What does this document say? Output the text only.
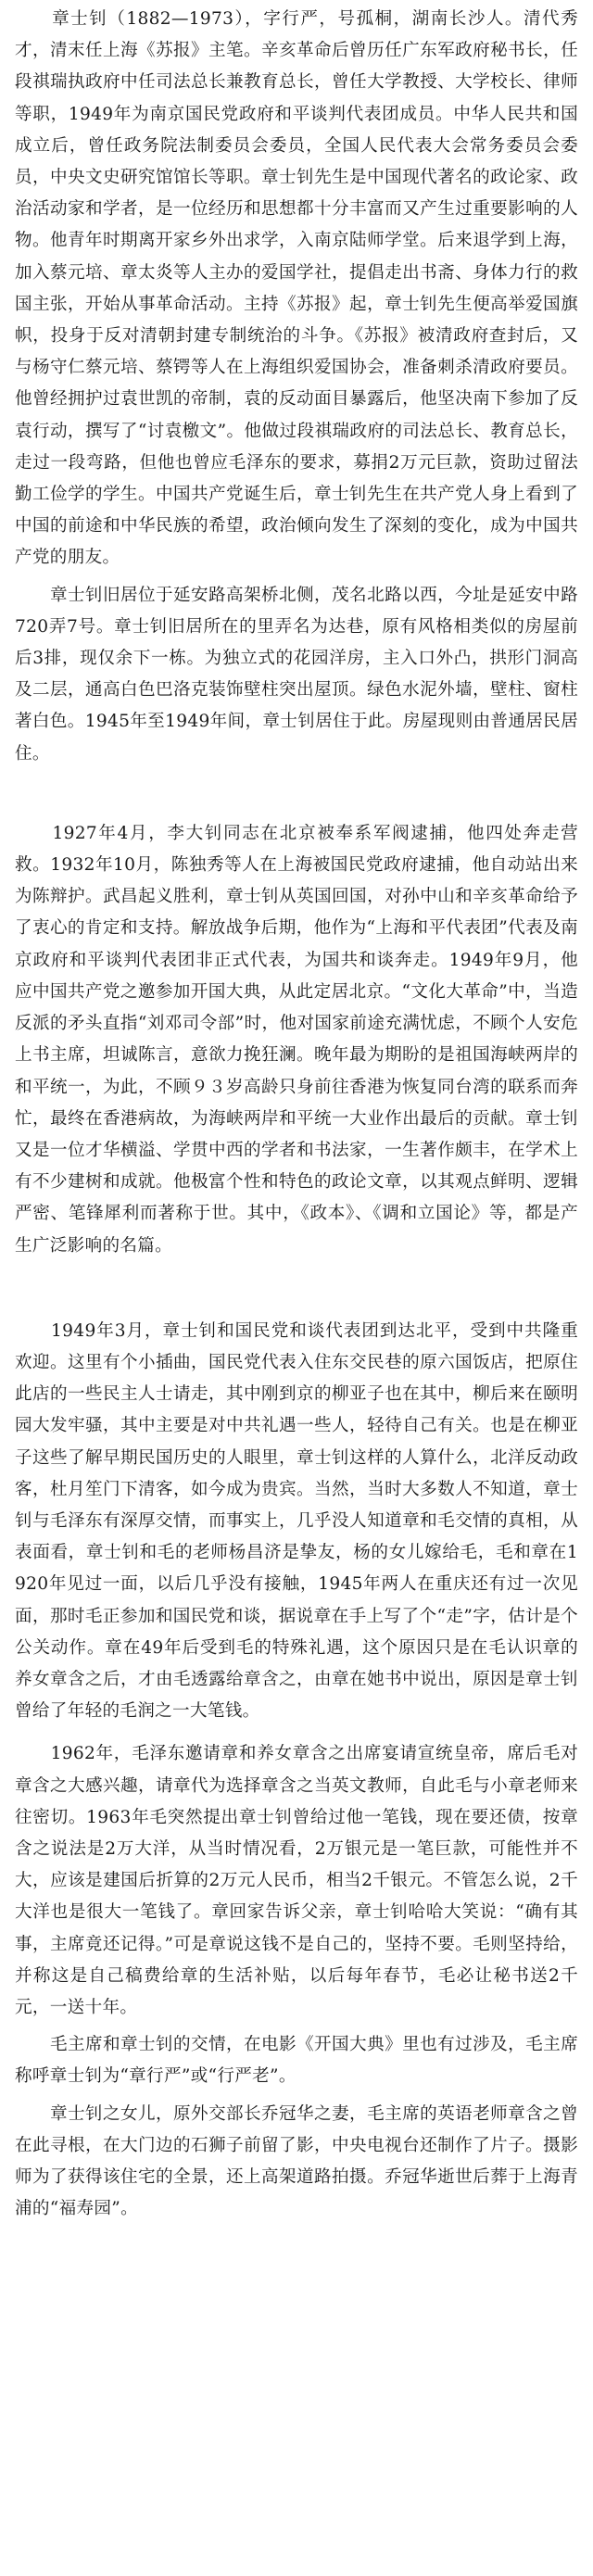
　　章士钊（1882—1973），字行严，号孤桐，湖南长沙人。清代秀才，清末任上海《苏报》主笔。辛亥革命后曾历任广东军政府秘书长，任段祺瑞执政府中任司法总长兼教育总长，曾任大学教授、大学校长、律师等职，1949年为南京国民党政府和平谈判代表团成员。中华人民共和国成立后，曾任政务院法制委员会委员，全国人民代表大会常务委员会委员，中央文史研究馆馆长等职。章士钊先生是中国现代著名的政论家、政治活动家和学者，是一位经历和思想都十分丰富而又产生过重要影响的人物。他青年时期离开家乡外出求学，入南京陆师学堂。后来退学到上海，加入蔡元培、章太炎等人主办的爱国学社，提倡走出书斋、身体力行的救国主张，开始从事革命活动。主持《苏报》起，章士钊先生便高举爱国旗帜，投身于反对清朝封建专制统治的斗争。《苏报》被清政府查封后，又与杨守仁蔡元培、蔡锷等人在上海组织爱国协会，准备刺杀清政府要员。他曾经拥护过袁世凯的帝制，袁的反动面目暴露后，他坚决南下参加了反袁行动，撰写了“讨袁檄文”。他做过段祺瑞政府的司法总长、教育总长，走过一段弯路，但他也曾应毛泽东的要求，募捐2万元巨款，资助过留法勤工俭学的学生。中国共产党诞生后，章士钊先生在共产党人身上看到了中国的前途和中华民族的希望，政治倾向发生了深刻的变化，成为中国共产党的朋友。

　　章士钊旧居位于延安路高架桥北侧，茂名北路以西，今址是延安中路720弄7号。章士钊旧居所在的里弄名为达巷，原有风格相类似的房屋前后3排，现仅余下一栋。为独立式的花园洋房，主入口外凸，拱形门洞高及二层，通高白色巴洛克装饰壁柱突出屋顶。绿色水泥外墙，壁柱、窗柱著白色。1945年至1949年间，章士钊居住于此。房屋现则由普通居民居住。

　　1927年4月，李大钊同志在北京被奉系军阀逮捕，他四处奔走营救。1932年10月，陈独秀等人在上海被国民党政府逮捕，他自动站出来为陈辩护。武昌起义胜利，章士钊从英国回国，对孙中山和辛亥革命给予了衷心的肯定和支持。解放战争后期，他作为“上海和平代表团”代表及南京政府和平谈判代表团非正式代表，为国共和谈奔走。1949年9月，他应中国共产党之邀参加开国大典，从此定居北京。“文化大革命”中，当造反派的矛头直指“刘邓司令部”时，他对国家前途充满忧虑，不顾个人安危上书主席，坦诚陈言，意欲力挽狂澜。晚年最为期盼的是祖国海峡两岸的和平统一，为此，不顾９３岁高龄只身前往香港为恢复同台湾的联系而奔忙，最终在香港病故，为海峡两岸和平统一大业作出最后的贡献。章士钊又是一位才华横溢、学贯中西的学者和书法家，一生著作颇丰，在学术上有不少建树和成就。他极富个性和特色的政论文章，以其观点鲜明、逻辑严密、笔锋犀利而著称于世。其中，《政本》、《调和立国论》等，都是产生广泛影响的名篇。

　　1949年3月，章士钊和国民党和谈代表团到达北平，受到中共隆重欢迎。这里有个小插曲，国民党代表入住东交民巷的原六国饭店，把原住此店的一些民主人士请走，其中刚到京的柳亚子也在其中，柳后来在颐明园大发牢骚，其中主要是对中共礼遇一些人，轻待自己有关。也是在柳亚子这些了解早期民国历史的人眼里，章士钊这样的人算什么，北洋反动政客，杜月笙门下清客，如今成为贵宾。当然，当时大多数人不知道，章士钊与毛泽东有深厚交情，而事实上，几乎没人知道章和毛交情的真相，从表面看，章士钊和毛的老师杨昌济是挚友，杨的女儿嫁给毛，毛和章在1920年见过一面，以后几乎没有接触，1945年两人在重庆还有过一次见面，那时毛正参加和国民党和谈，据说章在手上写了个“走”字，估计是个公关动作。章在49年后受到毛的特殊礼遇，这个原因只是在毛认识章的养女章含之后，才由毛透露给章含之，由章在她书中说出，原因是章士钊曾给了年轻的毛润之一大笔钱。

　　1962年，毛泽东邀请章和养女章含之出席宴请宣统皇帝，席后毛对章含之大感兴趣，请章代为选择章含之当英文教师，自此毛与小章老师来往密切。1963年毛突然提出章士钊曾给过他一笔钱，现在要还债，按章含之说法是2万大洋，从当时情况看，2万银元是一笔巨款，可能性并不大，应该是建国后折算的2万元人民币，相当2千银元。不管怎么说，2千大洋也是很大一笔钱了。章回家告诉父亲，章士钊哈哈大笑说：“确有其事，主席竟还记得。”可是章说这钱不是自己的，坚持不要。毛则坚持给，并称这是自己稿费给章的生活补贴，以后每年春节，毛必让秘书送2千元，一送十年。

　　毛主席和章士钊的交情，在电影《开国大典》里也有过涉及，毛主席称呼章士钊为“章行严”或“行严老”。

　　章士钊之女儿，原外交部长乔冠华之妻，毛主席的英语老师章含之曾在此寻根，在大门边的石狮子前留了影，中央电视台还制作了片子。摄影师为了获得该住宅的全景，还上高架道路拍摄。乔冠华逝世后葬于上海青浦的“福寿园”。
